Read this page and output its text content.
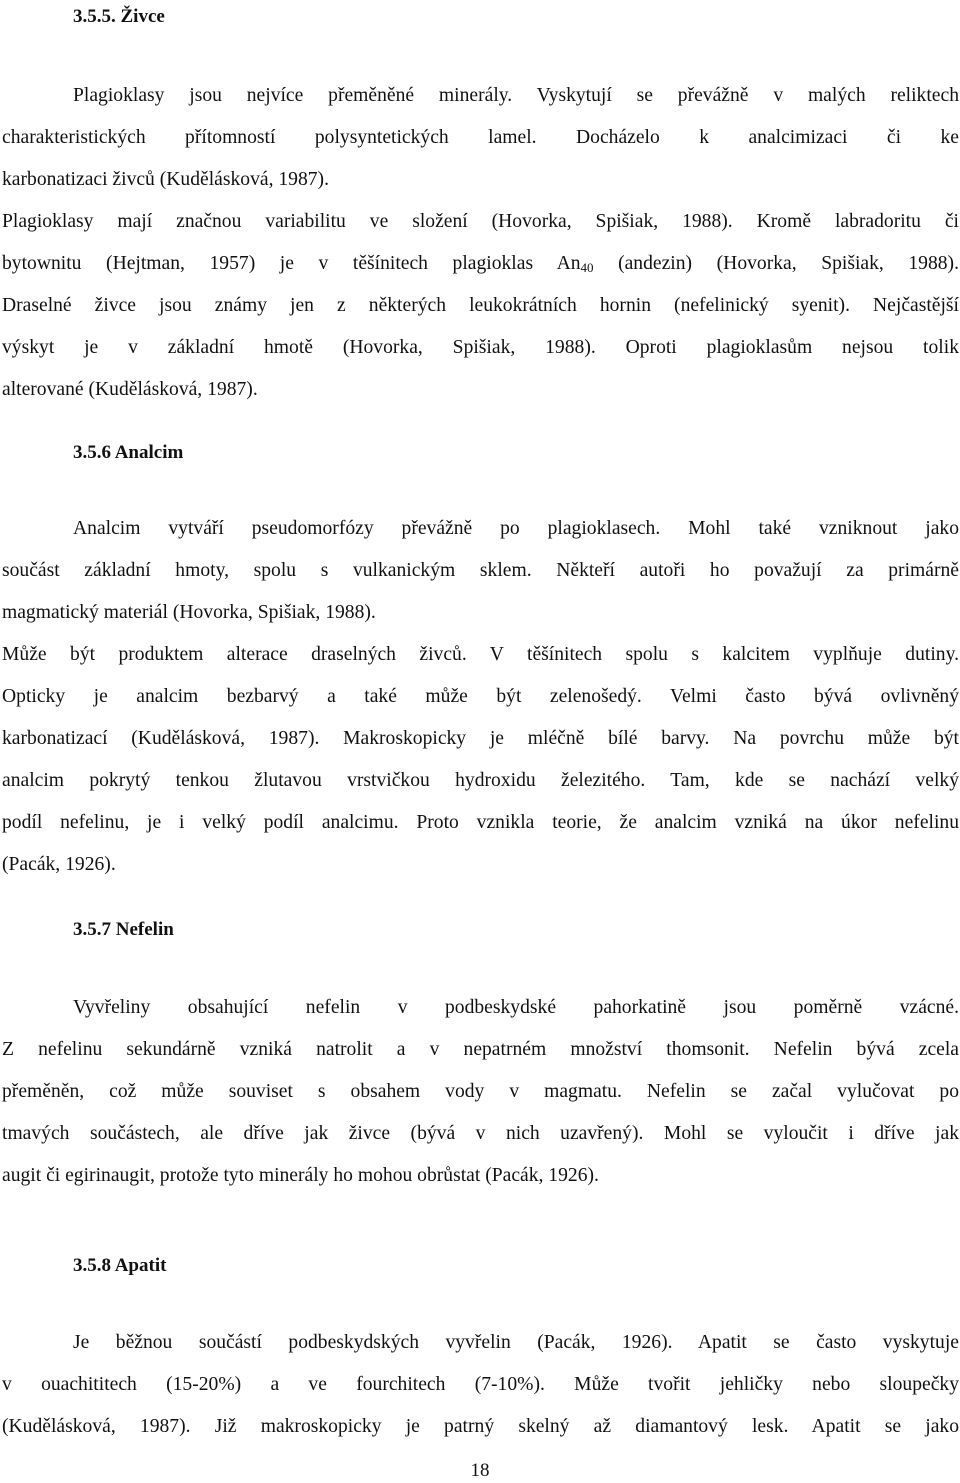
3.5.5. Živce
Plagioklasy jsou nejvíce přeměněné minerály. Vyskytují se převážně v malých reliktech
charakteristických přítomností polysyntetických lamel. Docházelo k analcimizaci či ke
karbonatizaci živců (Kudělásková, 1987).
Plagioklasy mají značnou variabilitu ve složení (Hovorka, Spišiak, 1988). Kromě labradoritu či
bytownitu (Hejtman, 1957) je v těšínitech plagioklas $An_{40}$ (andezin) (Hovorka, Spišiak, 1988).
Draselné živce jsou známy jen z některých leukokrátních hornin (nefelinický syenit). Nejčastější
výskyt je v základní hmotě (Hovorka, Spišiak, 1988). Oproti plagioklasům nejsou tolik
alterované (Kudělásková, 1987).
3.5.6 Analcim
Analcim vytváří pseudomorfózy převážně po plagioklasech. Mohl také vzniknout jako
součást základní hmoty, spolu s vulkanickým sklem. Někteří autoři ho považují za primárně
magmatický materiál (Hovorka, Spišiak, 1988).
Může být produktem alterace draselných živců. V těšínitech spolu s kalcitem vyplňuje dutiny.
Opticky je analcim bezbarvý a také může být zelenošedý. Velmi často bývá ovlivněný
karbonatizací (Kudělásková, 1987). Makroskopicky je mléčně bílé barvy. Na povrchu může být
analcim pokrytý tenkou žlutavou vrstvičkou hydroxidu železitého. Tam, kde se nachází velký
podíl nefelinu, je i velký podíl analcimu. Proto vznikla teorie, že analcim vzniká na úkor nefelinu
(Pacák, 1926).
3.5.7 Nefelin
Vyvřeliny obsahující nefelin v podbeskydské pahorkatině jsou poměrně vzácné.
Z nefelinu sekundárně vzniká natrolit a v nepatrném množství thomsonit. Nefelin bývá zcela
přeměněn, což může souviset s obsahem vody v magmatu. Nefelin se začal vylučovat po
tmavých součástech, ale dříve jak živce (bývá v nich uzavřený). Mohl se vyloučit i dříve jak
augit či egirinaugit, protože tyto minerály ho mohou obrůstat (Pacák, 1926).
3.5.8 Apatit
Je běžnou součástí podbeskydských vyvřelin (Pacák, 1926). Apatit se často vyskytuje
v ouachititech (15-20%) a ve fourchitech (7-10%). Může tvořit jehličky nebo sloupečky
(Kudělásková, 1987). Již makroskopicky je patrný skelný až diamantový lesk. Apatit se jako
18
